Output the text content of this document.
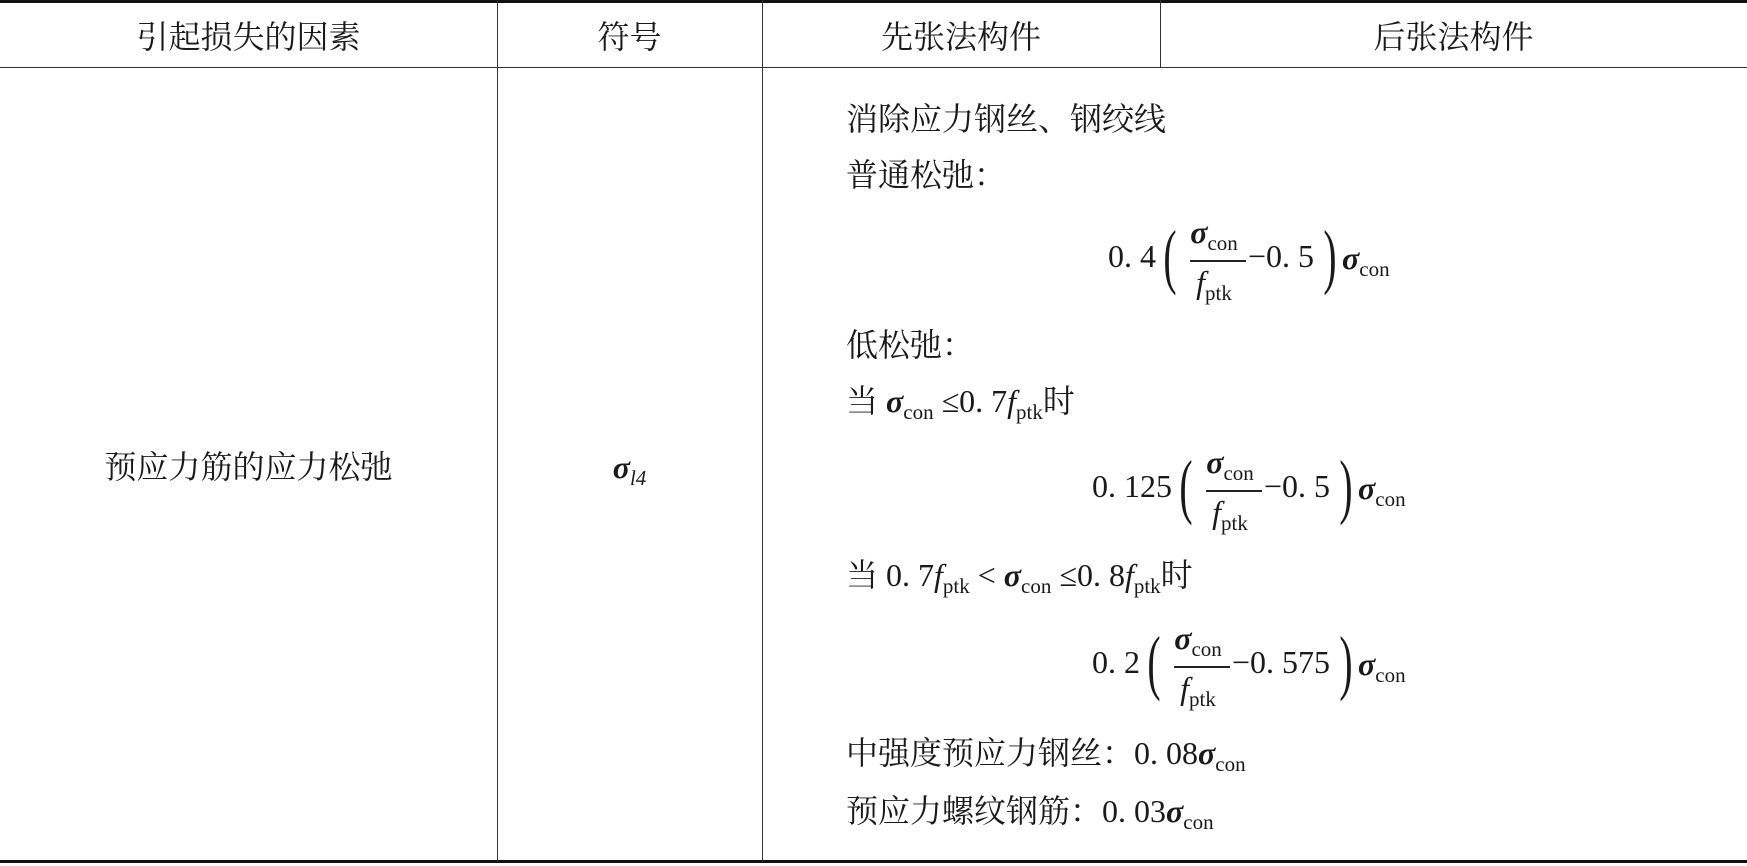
引起损失的因素	符号	先张法构件	后张法构件
预应力筋的应力松弛	$\sigma_{l4}$
消除应力钢丝、钢绞线
普通松弛：
0. 4 ( $\sigma_{con}$
$f_{ptk}$
−0. 5 ) $\sigma_{con}$
低松弛：
当 $\sigma_{con} \le 0$. $7f_{ptk}$时
0. 125 ( $\sigma_{con}$
$f_{ptk}$
−0. 5 ) $\sigma_{con}$
当 0. $7f_{ptk} < \sigma_{con} \le 0$. $8f_{ptk}$时
0. 2 ( $\sigma_{con}$
$f_{ptk}$
−0. 575 ) $\sigma_{con}$
中强度预应力钢丝：0. $08\sigma_{con}$
预应力螺纹钢筋：0. $03\sigma_{con}$
